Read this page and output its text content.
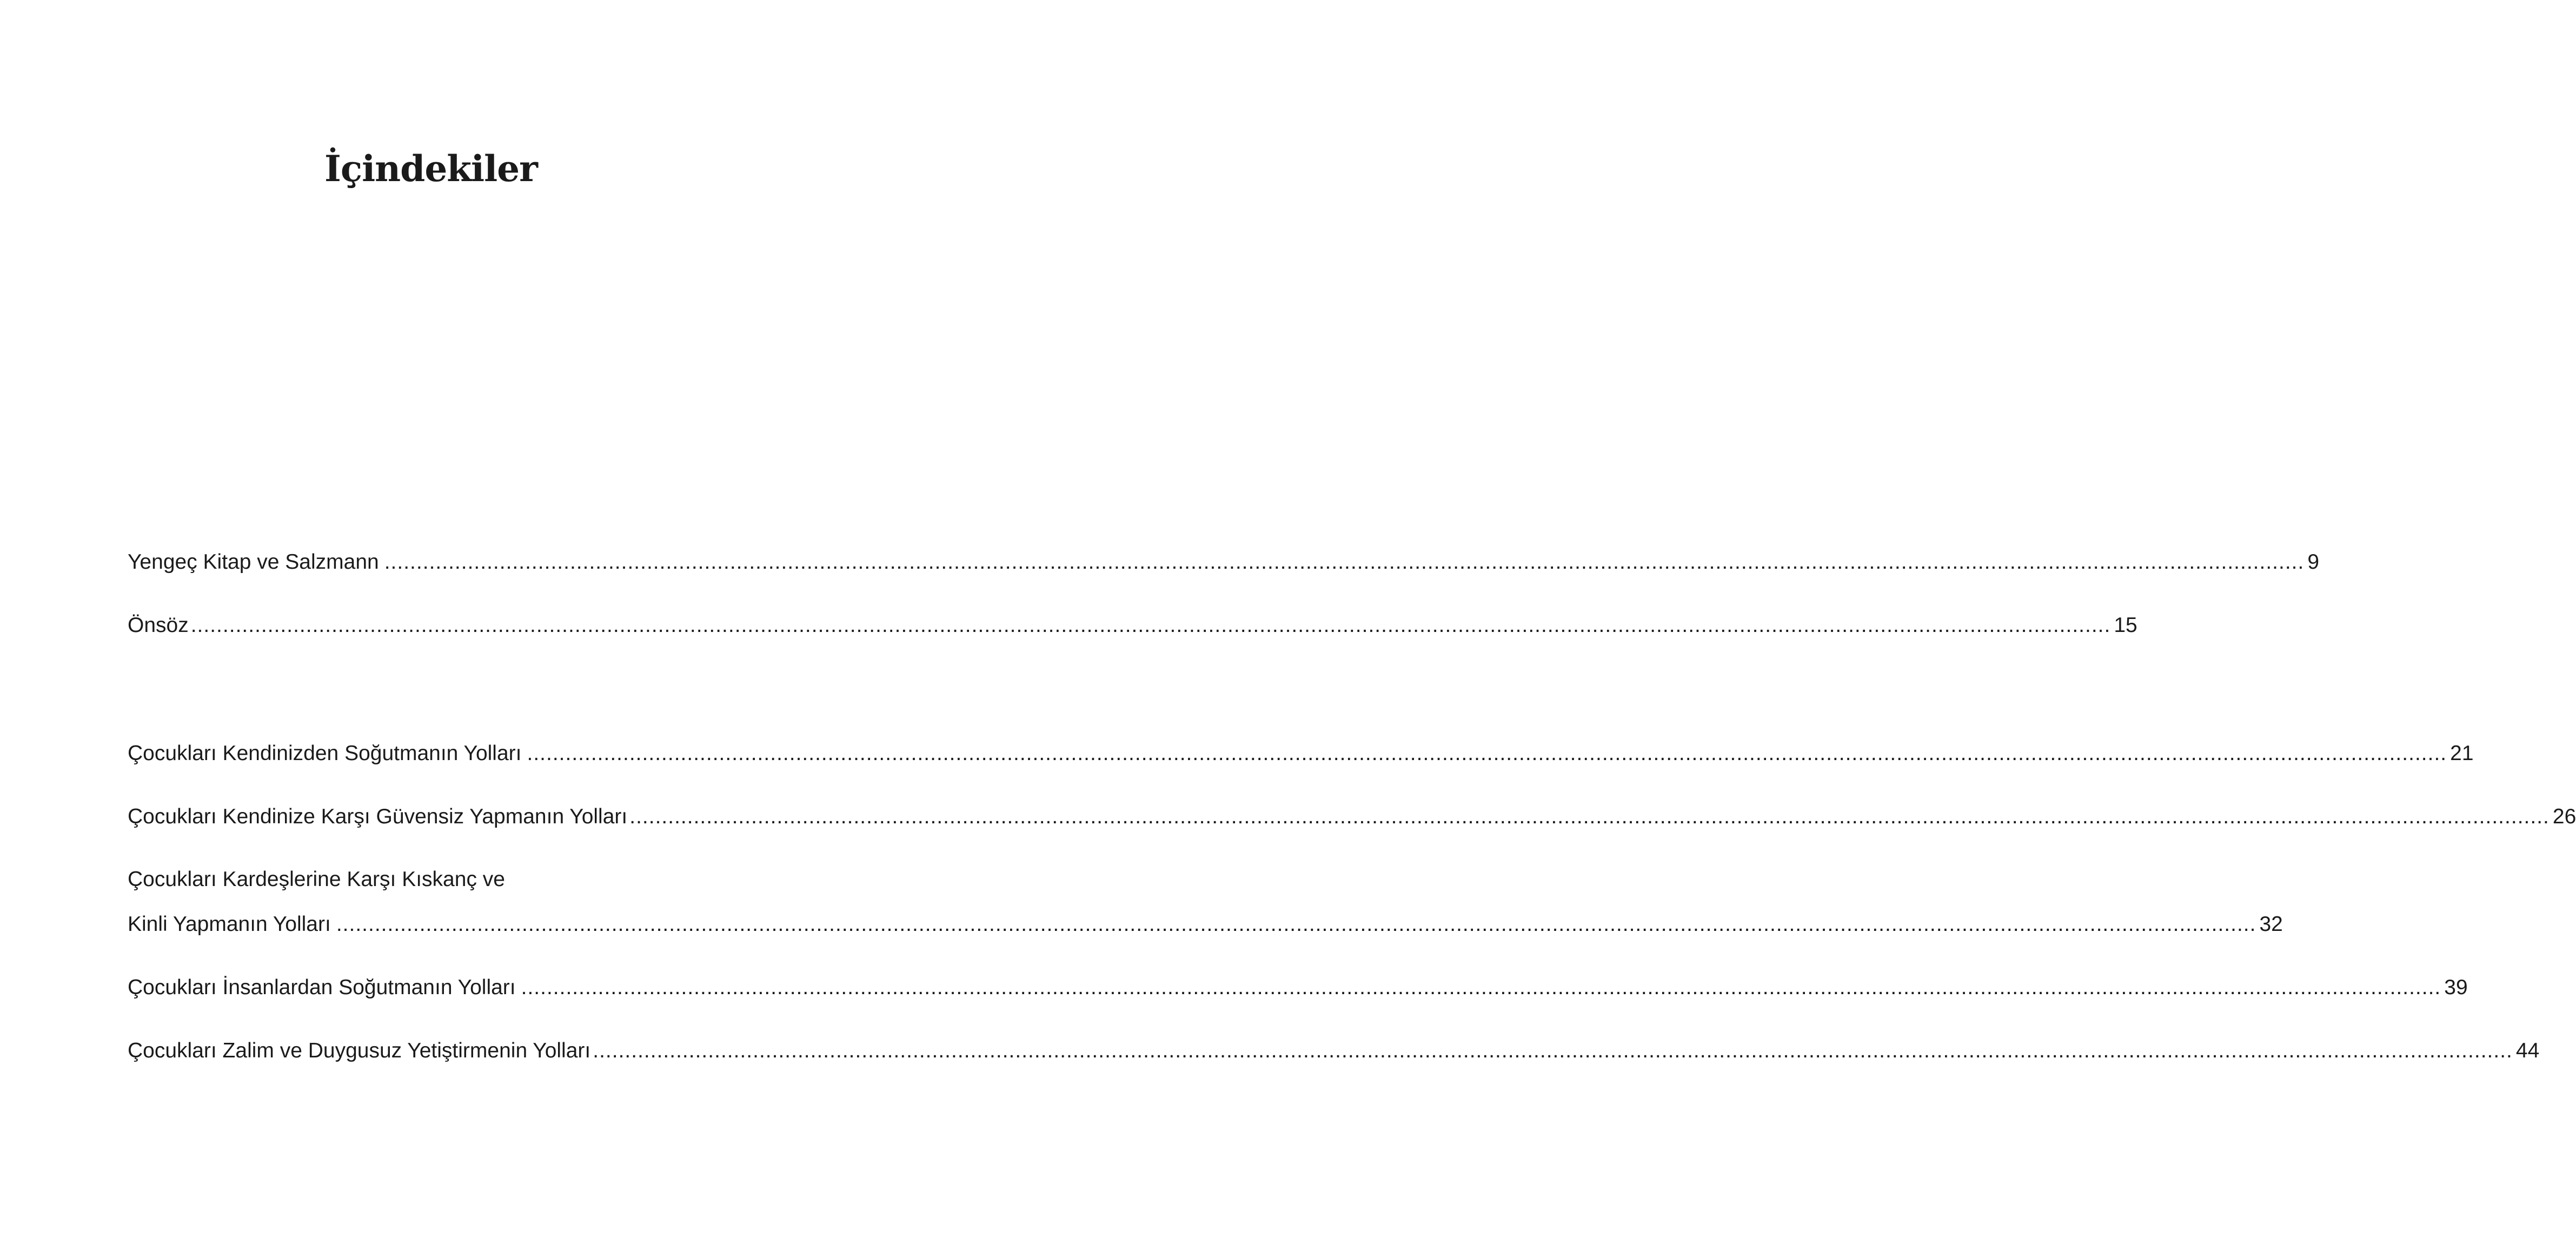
İçindekiler
Yengeç Kitap ve Salzmann ............................................................................................................................................................................................................................................................................................................ 9
Önsöz ............................................................................................................................................................................................................................................................................................................ 15
Çocukları Kendinizden Soğutmanın Yolları ............................................................................................................................................................................................................................................................................................................ 21
Çocukları Kendinize Karşı Güvensiz Yapmanın Yolları ............................................................................................................................................................................................................................................................................................................ 26
Çocukları Kardeşlerine Karşı Kıskanç ve
Kinli Yapmanın Yolları ............................................................................................................................................................................................................................................................................................................ 32
Çocukları İnsanlardan Soğutmanın Yolları ............................................................................................................................................................................................................................................................................................................ 39
Çocukları Zalim ve Duygusuz Yetiştirmenin Yolları ............................................................................................................................................................................................................................................................................................................ 44
